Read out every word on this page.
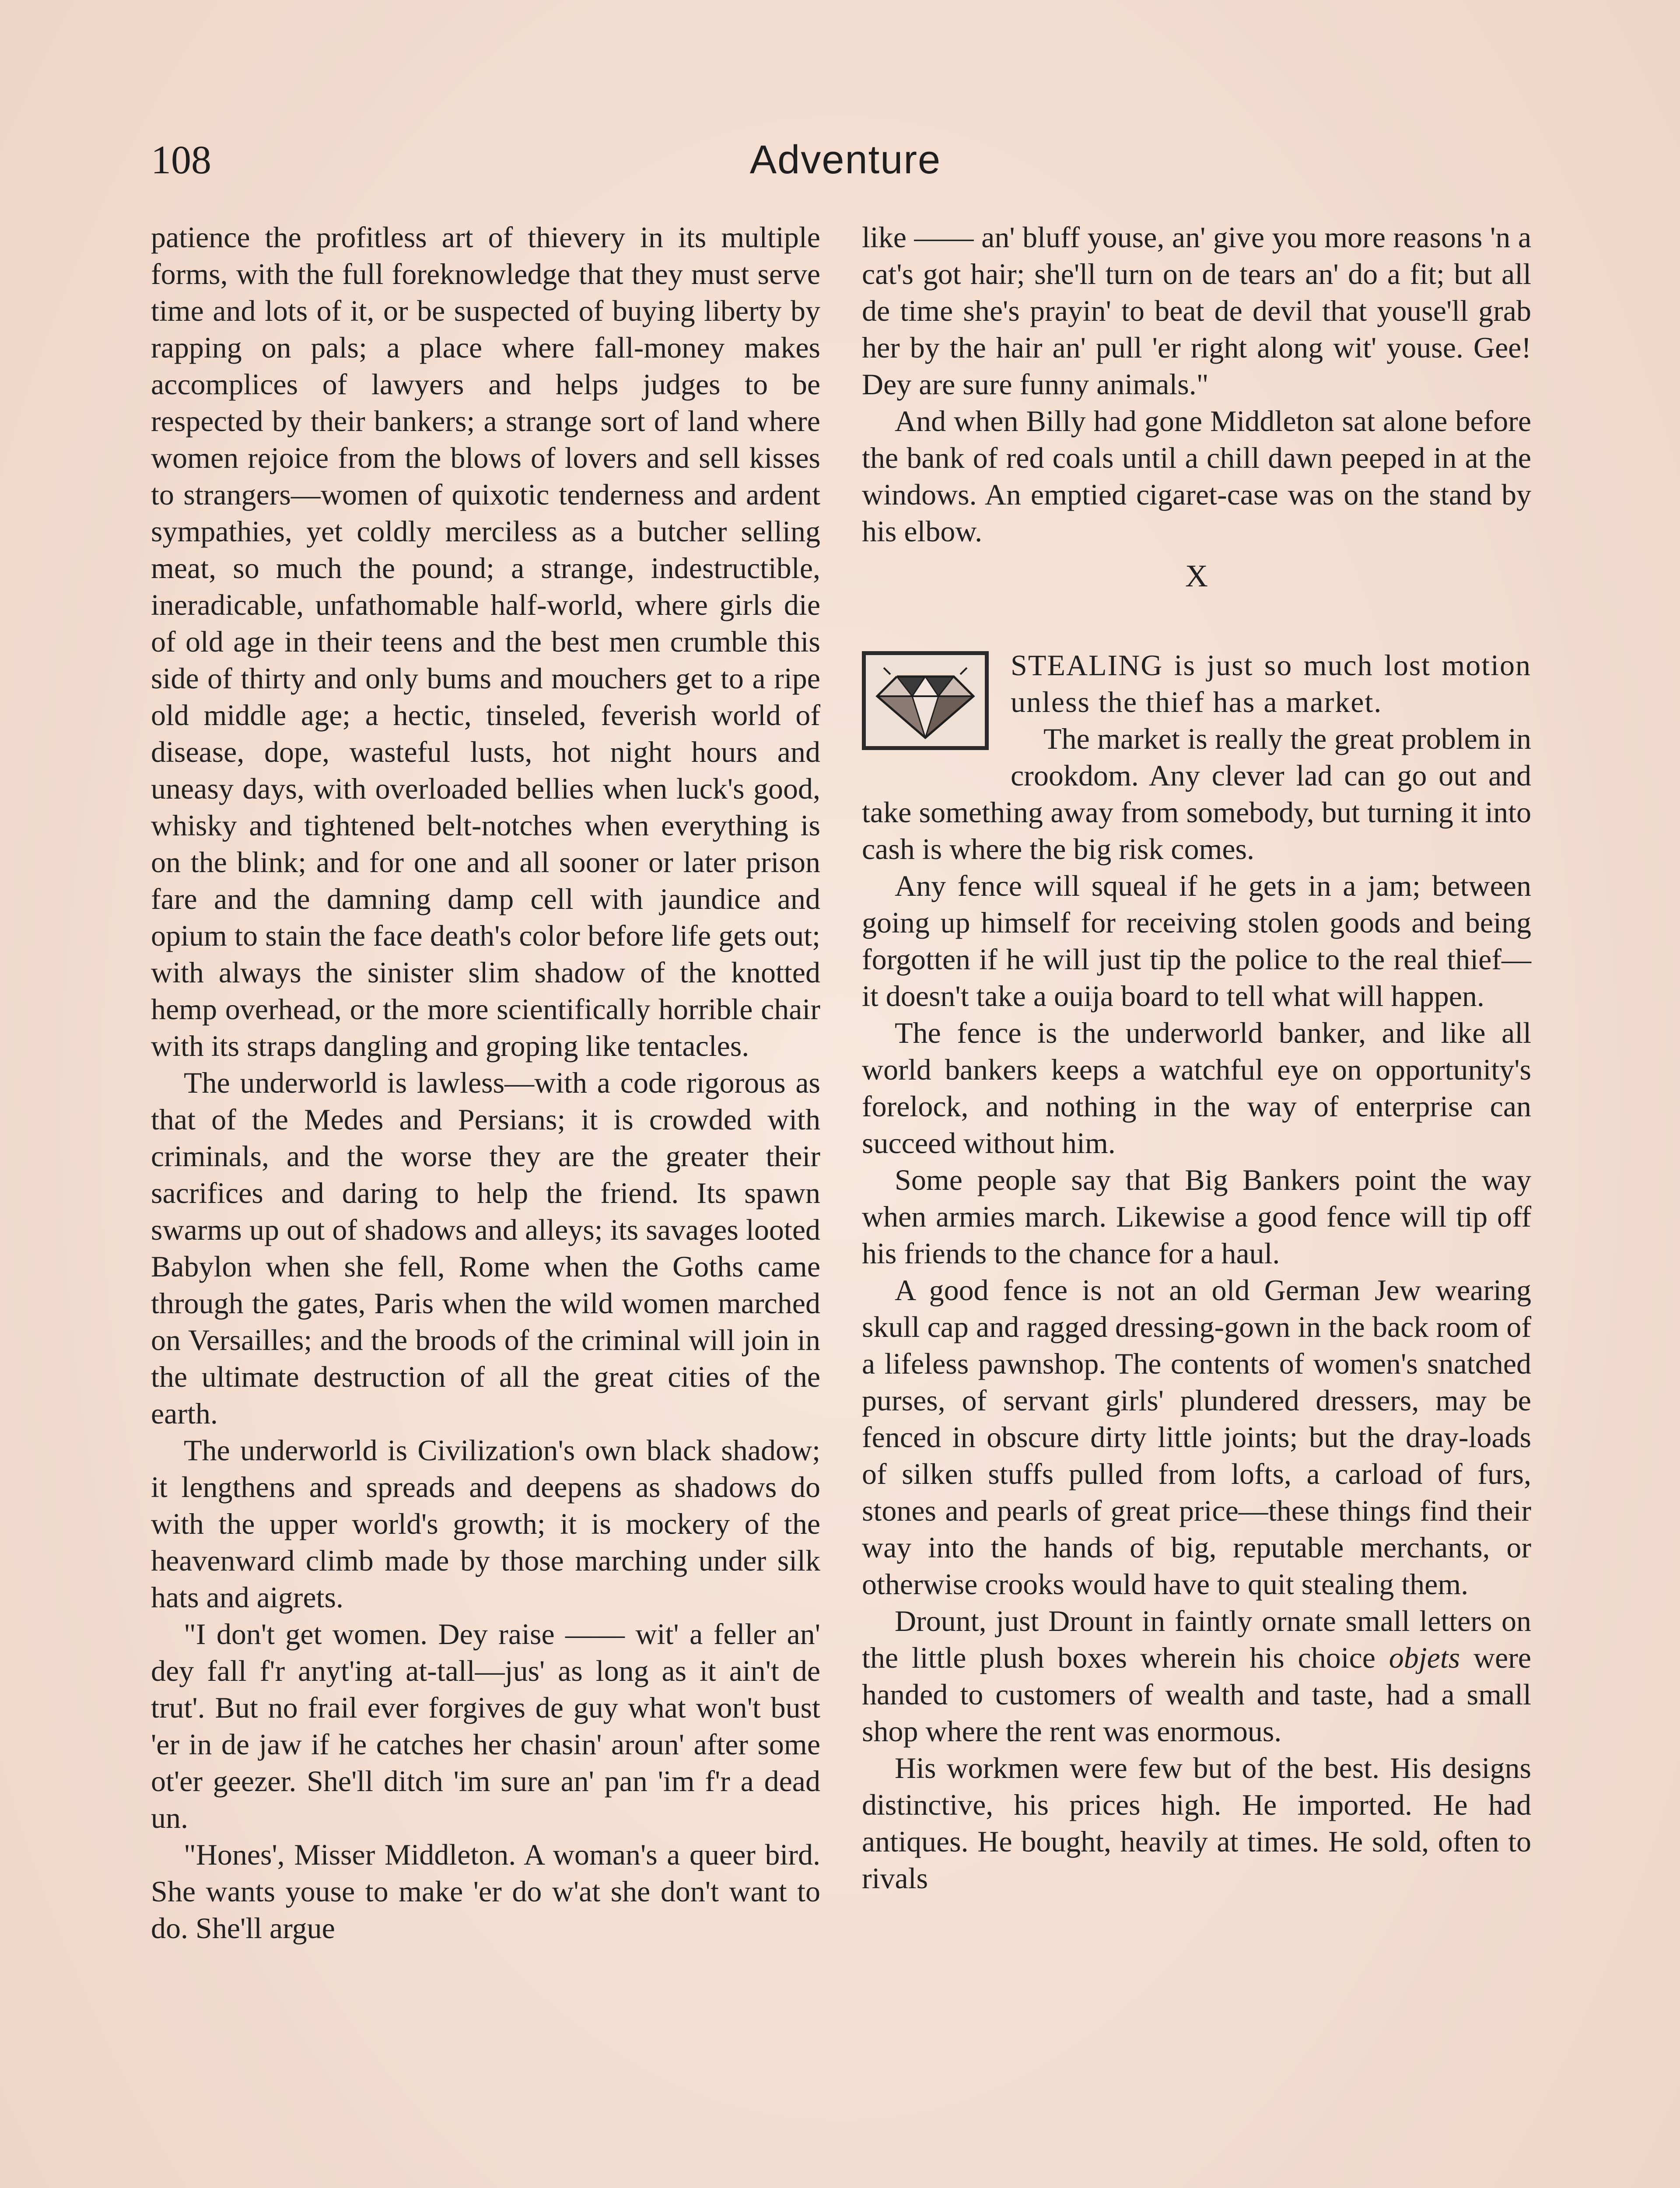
108	Adventure

patience the profitless art of thievery in its multiple forms, with the full foreknowledge that they must serve time and lots of it, or be suspected of buying liberty by rapping on pals; a place where fall-money makes accomplices of lawyers and helps judges to be respected by their bankers; a strange sort of land where women rejoice from the blows of lovers and sell kisses to strangers—women of quixotic tenderness and ardent sympathies, yet coldly merciless as a butcher selling meat, so much the pound; a strange, indestructible, ineradicable, unfathomable half-world, where girls die of old age in their teens and the best men crumble this side of thirty and only bums and mouchers get to a ripe old middle age; a hectic, tinseled, feverish world of disease, dope, wasteful lusts, hot night hours and uneasy days, with overloaded bellies when luck's good, whisky and tightened belt-notches when everything is on the blink; and for one and all sooner or later prison fare and the damning damp cell with jaundice and opium to stain the face death's color before life gets out; with always the sinister slim shadow of the knotted hemp overhead, or the more scientifically horrible chair with its straps dangling and groping like tentacles.

The underworld is lawless—with a code rigorous as that of the Medes and Persians; it is crowded with criminals, and the worse they are the greater their sacrifices and daring to help the friend. Its spawn swarms up out of shadows and alleys; its savages looted Babylon when she fell, Rome when the Goths came through the gates, Paris when the wild women marched on Versailles; and the broods of the criminal will join in the ultimate destruction of all the great cities of the earth.

The underworld is Civilization's own black shadow; it lengthens and spreads and deepens as shadows do with the upper world's growth; it is mockery of the heavenward climb made by those marching under silk hats and aigrets.

"I don't get women. Dey raise —— wit' a feller an' dey fall f'r anyt'ing at-tall—jus' as long as it ain't de trut'. But no frail ever forgives de guy what won't bust 'er in de jaw if he catches her chasin' aroun' after some ot'er geezer. She'll ditch 'im sure an' pan 'im f'r a dead un.

"Hones', Misser Middleton. A woman's a queer bird. She wants youse to make 'er do w'at she don't want to do. She'll argue

like —— an' bluff youse, an' give you more reasons 'n a cat's got hair; she'll turn on de tears an' do a fit; but all de time she's prayin' to beat de devil that youse'll grab her by the hair an' pull 'er right along wit' youse. Gee! Dey are sure funny animals."

And when Billy had gone Middleton sat alone before the bank of red coals until a chill dawn peeped in at the windows. An emptied cigaret-case was on the stand by his elbow.

X

STEALING is just so much lost motion unless the thief has a market.

The market is really the great problem in crookdom. Any clever lad can go out and take something away from somebody, but turning it into cash is where the big risk comes.

Any fence will squeal if he gets in a jam; between going up himself for receiving stolen goods and being forgotten if he will just tip the police to the real thief—it doesn't take a ouija board to tell what will happen.

The fence is the underworld banker, and like all world bankers keeps a watchful eye on opportunity's forelock, and nothing in the way of enterprise can succeed without him.

Some people say that Big Bankers point the way when armies march. Likewise a good fence will tip off his friends to the chance for a haul.

A good fence is not an old German Jew wearing skull cap and ragged dressing-gown in the back room of a lifeless pawnshop. The contents of women's snatched purses, of servant girls' plundered dressers, may be fenced in obscure dirty little joints; but the dray-loads of silken stuffs pulled from lofts, a carload of furs, stones and pearls of great price—these things find their way into the hands of big, reputable merchants, or otherwise crooks would have to quit stealing them.

Drount, just Drount in faintly ornate small letters on the little plush boxes wherein his choice objets were handed to customers of wealth and taste, had a small shop where the rent was enormous.

His workmen were few but of the best. His designs distinctive, his prices high. He imported. He had antiques. He bought, heavily at times. He sold, often to rivals
